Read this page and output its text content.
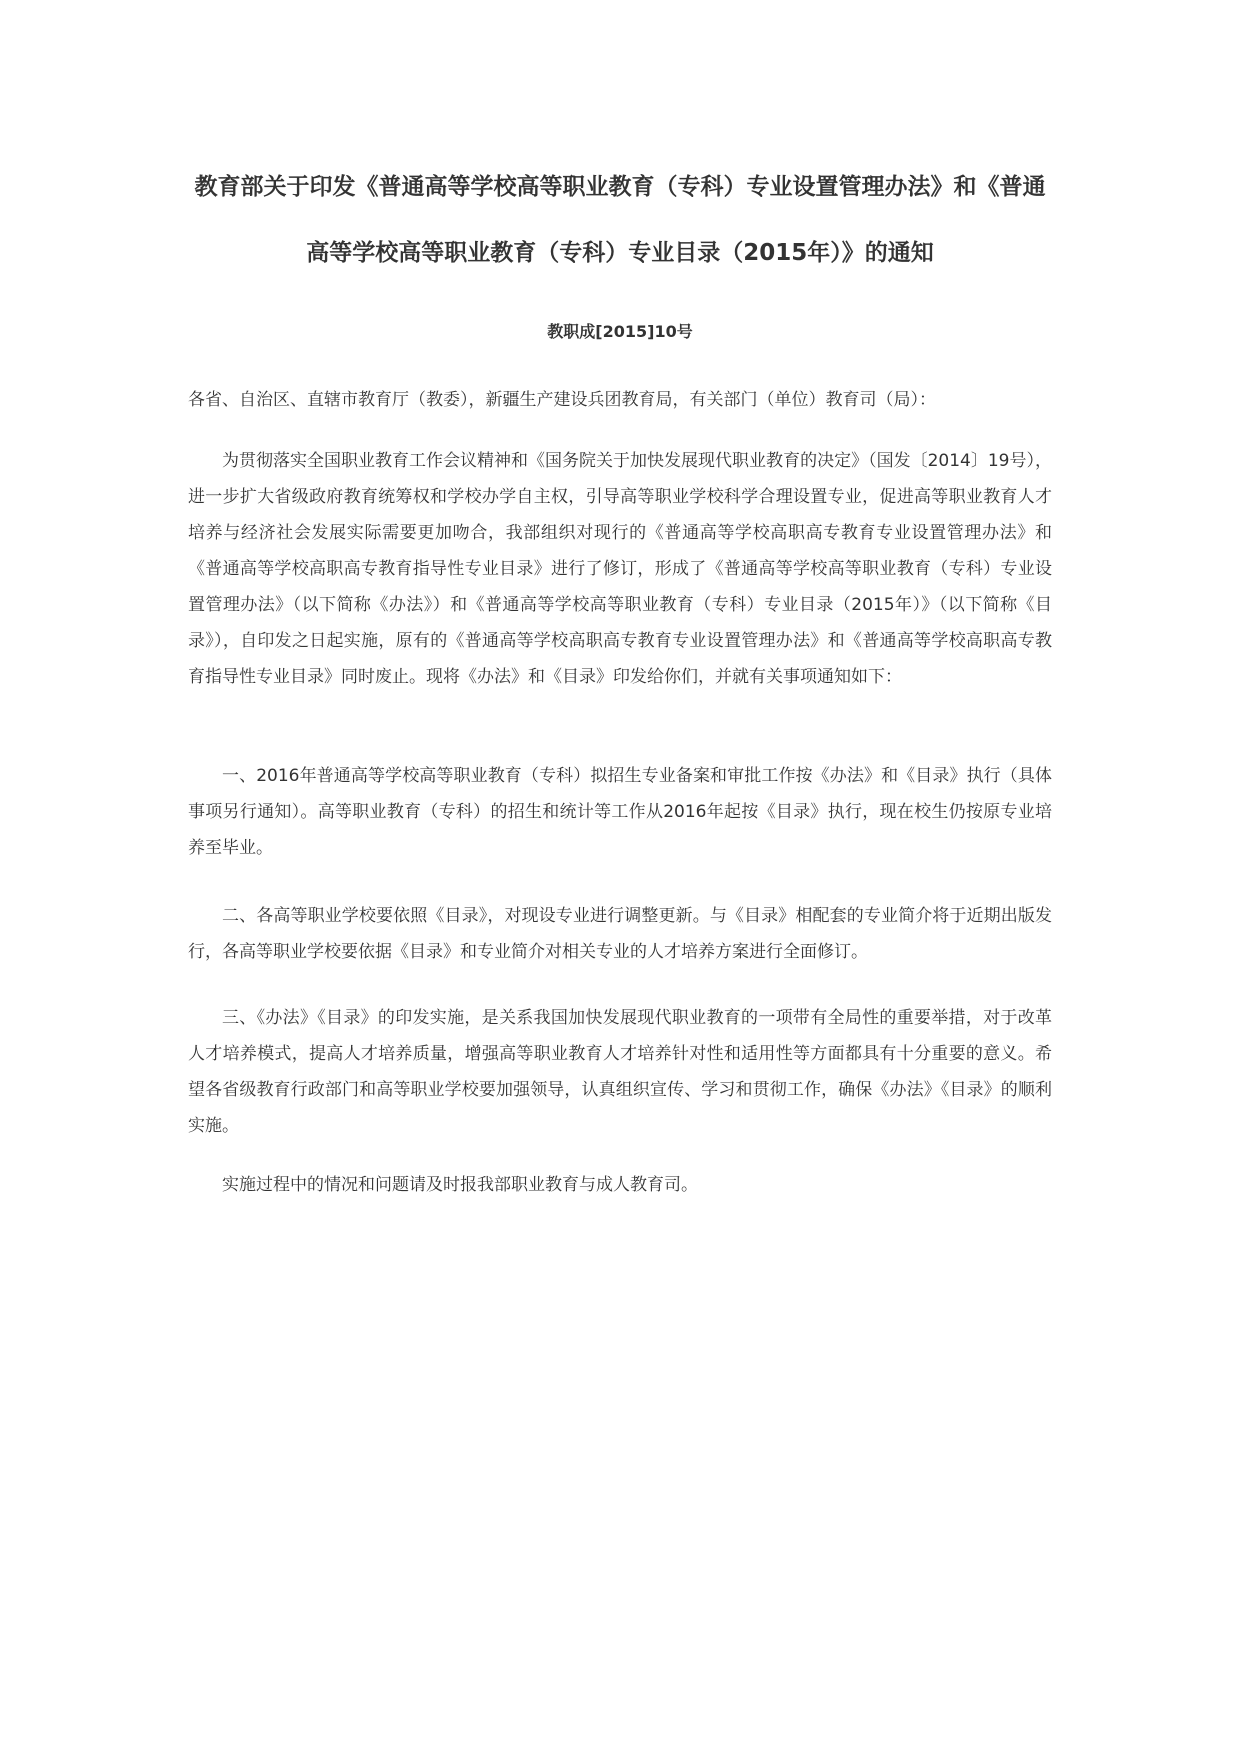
教育部关于印发《普通高等学校高等职业教育（专科）专业设置管理办法》和《普通
高等学校高等职业教育（专科）专业目录（2015年）》的通知
教职成[2015]10号
各省、自治区、直辖市教育厅（教委），新疆生产建设兵团教育局，有关部门（单位）教育司（局）：
为贯彻落实全国职业教育工作会议精神和《国务院关于加快发展现代职业教育的决定》（国发〔2014〕19号），进一步扩大省级政府教育统筹权和学校办学自主权，引导高等职业学校科学合理设置专业，促进高等职业教育人才培养与经济社会发展实际需要更加吻合，我部组织对现行的《普通高等学校高职高专教育专业设置管理办法》和《普通高等学校高职高专教育指导性专业目录》进行了修订，形成了《普通高等学校高等职业教育（专科）专业设置管理办法》（以下简称《办法》）和《普通高等学校高等职业教育（专科）专业目录（2015年）》（以下简称《目录》），自印发之日起实施，原有的《普通高等学校高职高专教育专业设置管理办法》和《普通高等学校高职高专教育指导性专业目录》同时废止。现将《办法》和《目录》印发给你们，并就有关事项通知如下：
一、2016年普通高等学校高等职业教育（专科）拟招生专业备案和审批工作按《办法》和《目录》执行（具体事项另行通知）。高等职业教育（专科）的招生和统计等工作从2016年起按《目录》执行，现在校生仍按原专业培养至毕业。
二、各高等职业学校要依照《目录》，对现设专业进行调整更新。与《目录》相配套的专业简介将于近期出版发行，各高等职业学校要依据《目录》和专业简介对相关专业的人才培养方案进行全面修订。
三、《办法》《目录》的印发实施，是关系我国加快发展现代职业教育的一项带有全局性的重要举措，对于改革人才培养模式，提高人才培养质量，增强高等职业教育人才培养针对性和适用性等方面都具有十分重要的意义。希望各省级教育行政部门和高等职业学校要加强领导，认真组织宣传、学习和贯彻工作，确保《办法》《目录》的顺利实施。
实施过程中的情况和问题请及时报我部职业教育与成人教育司。
